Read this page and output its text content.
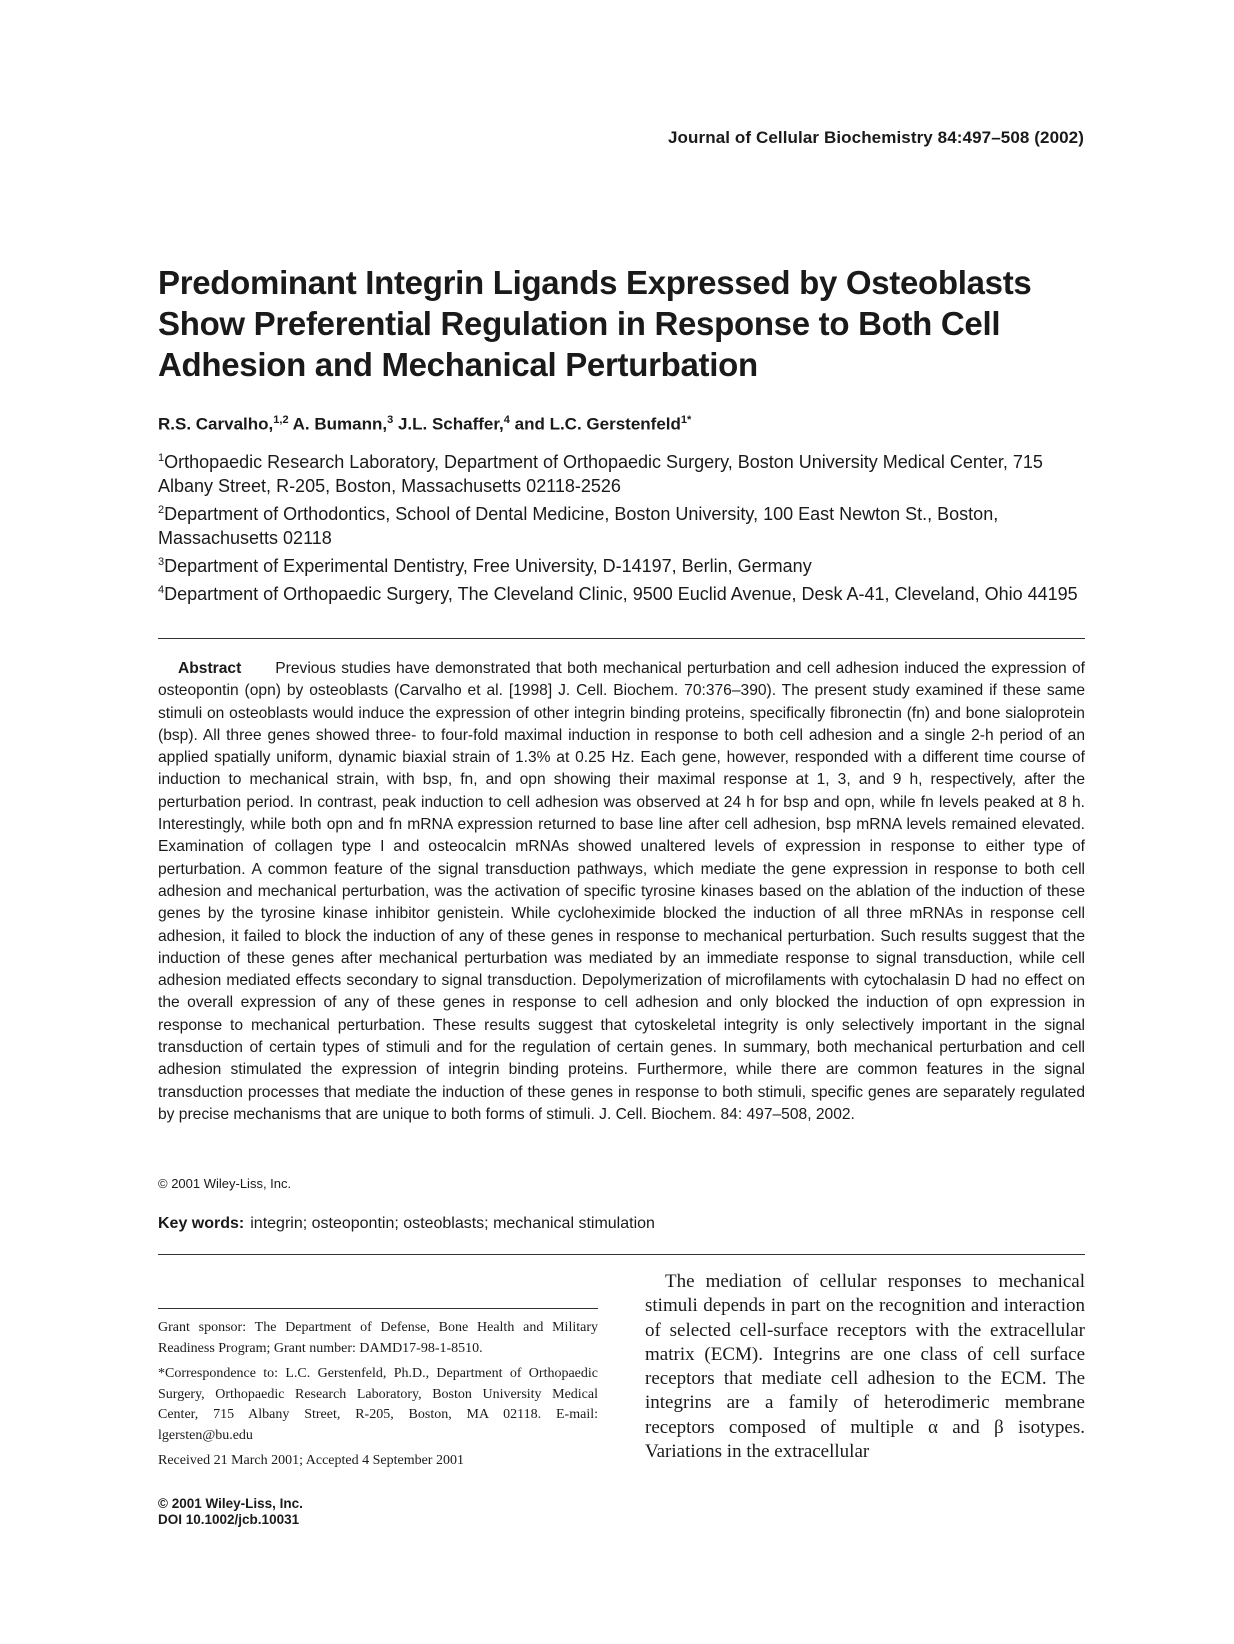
Journal of Cellular Biochemistry 84:497–508 (2002)
Predominant Integrin Ligands Expressed by Osteoblasts Show Preferential Regulation in Response to Both Cell Adhesion and Mechanical Perturbation
R.S. Carvalho,$^{1,2}$ A. Bumann,$^3$ J.L. Schaffer,$^4$ and L.C. Gerstenfeld$^{1*}$

$^1$Orthopaedic Research Laboratory, Department of Orthopaedic Surgery, Boston University Medical Center, 715 Albany Street, R-205, Boston, Massachusetts 02118-2526

$^2$Department of Orthodontics, School of Dental Medicine, Boston University, 100 East Newton St., Boston, Massachusetts 02118

$^3$Department of Experimental Dentistry, Free University, D-14197, Berlin, Germany

$^4$Department of Orthopaedic Surgery, The Cleveland Clinic, 9500 Euclid Avenue, Desk A-41, Cleveland, Ohio 44195

Abstract Previous studies have demonstrated that both mechanical perturbation and cell adhesion induced the expression of osteopontin (opn) by osteoblasts (Carvalho et al. [1998] J. Cell. Biochem. 70:376–390). The present study examined if these same stimuli on osteoblasts would induce the expression of other integrin binding proteins, specifically fibronectin (fn) and bone sialoprotein (bsp). All three genes showed three- to four-fold maximal induction in response to both cell adhesion and a single 2-h period of an applied spatially uniform, dynamic biaxial strain of 1.3% at 0.25 Hz. Each gene, however, responded with a different time course of induction to mechanical strain, with bsp, fn, and opn showing their maximal response at 1, 3, and 9 h, respectively, after the perturbation period. In contrast, peak induction to cell adhesion was observed at 24 h for bsp and opn, while fn levels peaked at 8 h. Interestingly, while both opn and fn mRNA expression returned to base line after cell adhesion, bsp mRNA levels remained elevated. Examination of collagen type I and osteocalcin mRNAs showed unaltered levels of expression in response to either type of perturbation. A common feature of the signal transduction pathways, which mediate the gene expression in response to both cell adhesion and mechanical perturbation, was the activation of specific tyrosine kinases based on the ablation of the induction of these genes by the tyrosine kinase inhibitor genistein. While cycloheximide blocked the induction of all three mRNAs in response cell adhesion, it failed to block the induction of any of these genes in response to mechanical perturbation. Such results suggest that the induction of these genes after mechanical perturbation was mediated by an immediate response to signal transduction, while cell adhesion mediated effects secondary to signal transduction. Depolymerization of microfilaments with cytochalasin D had no effect on the overall expression of any of these genes in response to cell adhesion and only blocked the induction of opn expression in response to mechanical perturbation. These results suggest that cytoskeletal integrity is only selectively important in the signal transduction of certain types of stimuli and for the regulation of certain genes. In summary, both mechanical perturbation and cell adhesion stimulated the expression of integrin binding proteins. Furthermore, while there are common features in the signal transduction processes that mediate the induction of these genes in response to both stimuli, specific genes are separately regulated by precise mechanisms that are unique to both forms of stimuli. J. Cell. Biochem. 84: 497–508, 2002.

© 2001 Wiley-Liss, Inc.
Key words: integrin; osteopontin; osteoblasts; mechanical stimulation

Grant sponsor: The Department of Defense, Bone Health and Military Readiness Program; Grant number: DAMD17-98-1-8510.

*Correspondence to: L.C. Gerstenfeld, Ph.D., Department of Orthopaedic Surgery, Orthopaedic Research Laboratory, Boston University Medical Center, 715 Albany Street, R-205, Boston, MA 02118. E-mail: lgersten@bu.edu

Received 21 March 2001; Accepted 4 September 2001

© 2001 Wiley-Liss, Inc.
DOI 10.1002/jcb.10031

The mediation of cellular responses to mechanical stimuli depends in part on the recognition and interaction of selected cell-surface receptors with the extracellular matrix (ECM). Integrins are one class of cell surface receptors that mediate cell adhesion to the ECM. The integrins are a family of heterodimeric membrane receptors composed of multiple α and β isotypes. Variations in the extracellular
